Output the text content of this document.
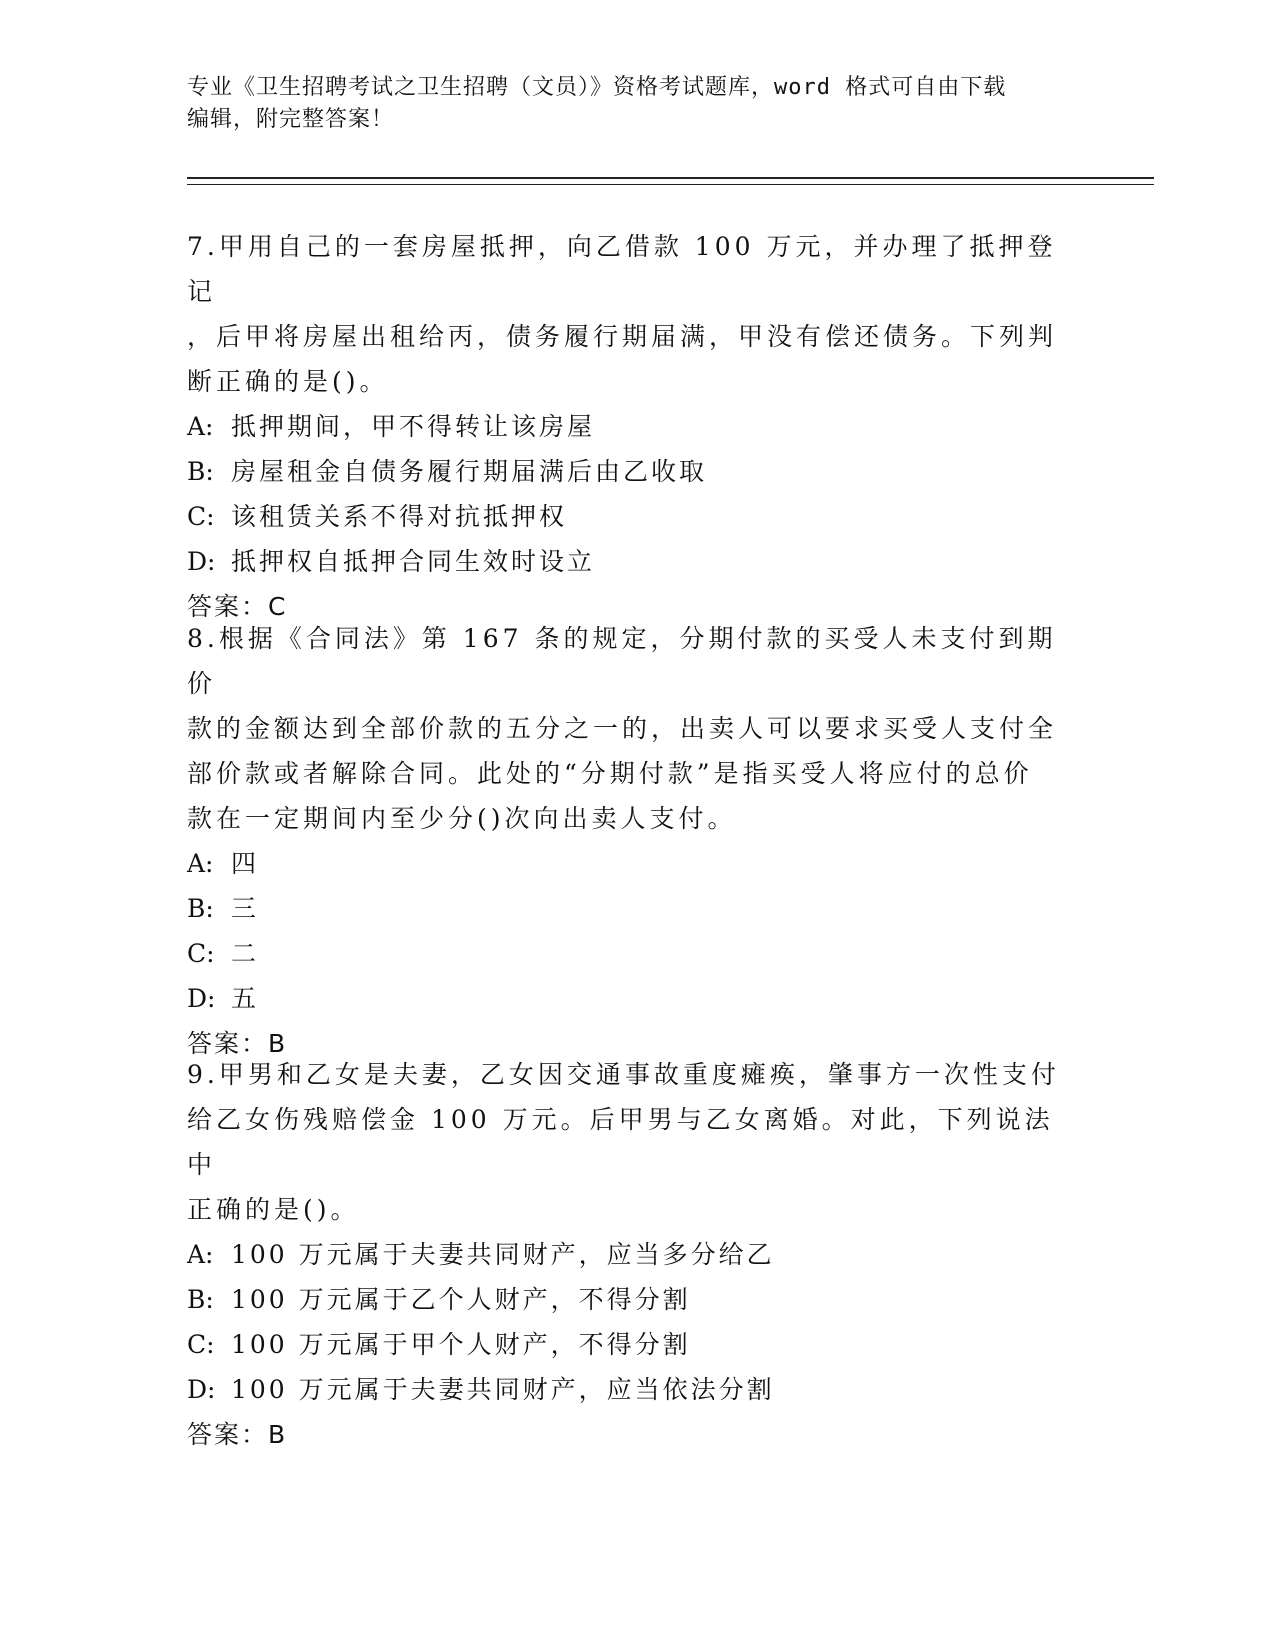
专业《卫生招聘考试之卫生招聘（文员）》资格考试题库，word 格式可自由下载
编辑，附完整答案！

7.甲用自己的一套房屋抵押，向乙借款 100 万元，并办理了抵押登记

，后甲将房屋出租给丙，债务履行期届满，甲没有偿还债务。下列判

断正确的是()。

A: 抵押期间，甲不得转让该房屋

B: 房屋租金自债务履行期届满后由乙收取

C: 该租赁关系不得对抗抵押权

D: 抵押权自抵押合同生效时设立

答案：C

8.根据《合同法》第 167 条的规定，分期付款的买受人未支付到期价

款的金额达到全部价款的五分之一的，出卖人可以要求买受人支付全

部价款或者解除合同。此处的“分期付款”是指买受人将应付的总价

款在一定期间内至少分()次向出卖人支付。

A: 四

B: 三

C: 二

D: 五

答案：B

9.甲男和乙女是夫妻，乙女因交通事故重度瘫痪，肇事方一次性支付

给乙女伤残赔偿金 100 万元。后甲男与乙女离婚。对此，下列说法中

正确的是()。

A: 100 万元属于夫妻共同财产，应当多分给乙

B: 100 万元属于乙个人财产，不得分割

C: 100 万元属于甲个人财产，不得分割

D: 100 万元属于夫妻共同财产，应当依法分割

答案：B
